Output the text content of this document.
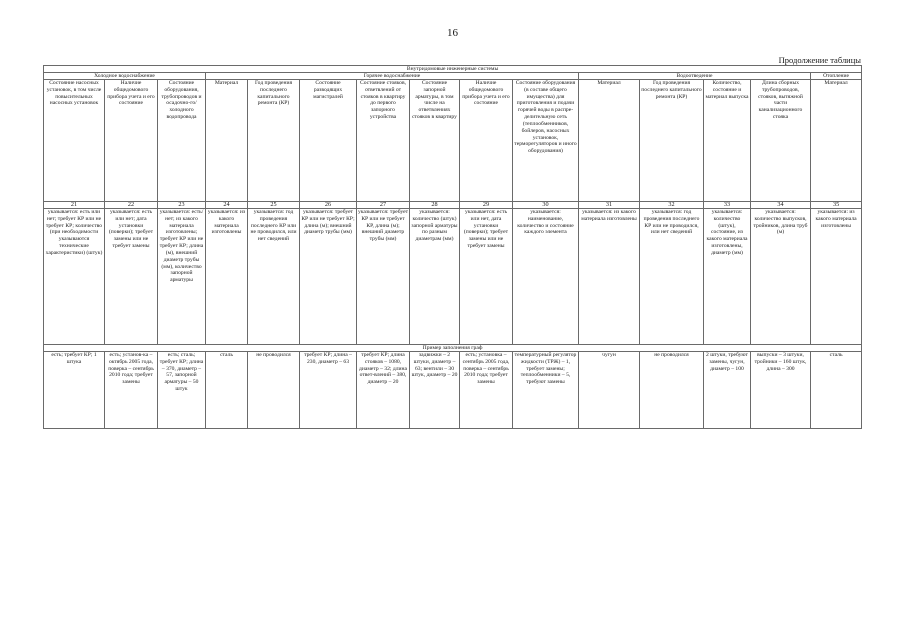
16
Продолжение таблицы
Внутридомовые инженерные системы														
Холодное водоснабжение			Горячее водоснабжение							Водоотведение				Отопление
Состояние насосных установок, в том числе повысительных насосных установок	Наличие общедомового прибора учета и его состояние	Состояние оборудования, трубопроводов и осадочно-го/холодного водопровода	Материал	Год проведения последнего капитального ремонта (КР)	Состояние разводящих магистралей	Состояние стояков, ответвлений от стояков в квартиру до первого запорного устройства	Состояние запорной арматуры, в том числе на ответвлениях стояков в квартиру	Наличие общедомового прибора учета и его состояние	Состояние оборудования (в составе общего имущества) для приготовления и подачи горячей воды в распре-делительную сеть (теплообменников, бойлеров, насосных установок, терморегуляторов и иного оборудования)	Материал	Год проведения последнего капитального ремонта (КР)	Количество, состояние и материал выпуска	Длина сборных трубопроводов, стояков, вытяжной части канализационного стояка	Материал
21	22	23	24	25	26	27	28	29	30	31	32	33	34	35
указывается: есть или нет; требует КР или не требует КР; количество (при необходимости указываются технические характеристики) (штук)	указывается: есть или нет; дата установки (поверки); требует замены или не требует замены	указывается: есть/нет; из какого материала изготовлены; требует КР или не требует КР; длина (м), внешний диаметр трубы (мм), количество запорной арматуры	указывается: из какого материала изготовлены	указывается: год проведения последнего КР или не проводился, или нет сведений	указывается: требует КР или не требует КР; длина (м); внешний диаметр трубы (мм)	указывается: требует КР или не требует КР, длина (м); внешний диаметр трубы (мм)	указывается: количество (штук) запорной арматуры по разным диаметрам (мм)	указывается: есть или нет, дата установки (поверки); требует замены или не требует замены	указывается: наименование, количество и состояние каждого элемента	указывается: из какого материала изготовлены	указывается: год проведения последнего КР или не проводился, или нет сведений	указывается: количество (штук), состояние, из какого материала изготовлены, диаметр (мм)	указывается: количество выпусков, тройников, длина труб (м)	указывается: из какого материала изготовлены
Пример заполнения граф														
есть; требует КР; 1 штука	есть; установ-ка – октябрь 2005 года, поверка – сентябрь 2010 года; требует замены	есть; сталь; требует КР; длина – 370, диаметр – 57, запорной арматуры – 50 штук	сталь	не проводился	требует КР; длина – 230, диаметр – 63	требует КР; длина стояков – 1080, диаметр – 32; длина ответ-влений – 380, диаметр – 20	задвижки – 2 штуки, диаметр – 63; вентили – 30 штук, диаметр – 20	есть; установка – сентябрь 2005 года, поверка – сентябрь 2010 года; требует замены	температурный регулятор жидкости (ТРЖ) – 1, требует замены; теплообменники – 5, требуют замены	чугун	не проводился	2 штуки, требуют замены, чугун, диаметр – 100	выпуски – 3 штуки, тройники – 160 штук, длина – 300	сталь
